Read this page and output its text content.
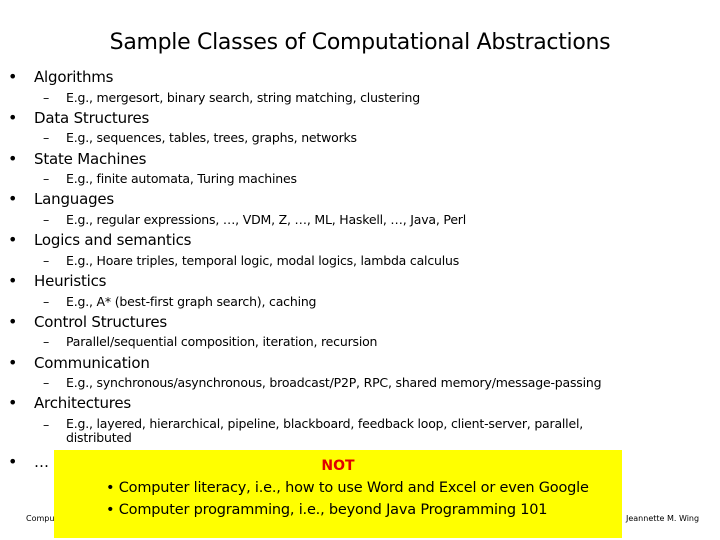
Sample Classes of Computational Abstractions
• Algorithms
– E.g., mergesort, binary search, string matching, clustering
• Data Structures
– E.g., sequences, tables, trees, graphs, networks
• State Machines
– E.g., finite automata, Turing machines
• Languages
– E.g., regular expressions, …, VDM, Z, …, ML, Haskell, …, Java, Perl
• Logics and semantics
– E.g., Hoare triples, temporal logic, modal logics, lambda calculus
• Heuristics
– E.g., A* (best-first graph search), caching
• Control Structures
– Parallel/sequential composition, iteration, recursion
• Communication
– E.g., synchronous/asynchronous, broadcast/P2P, RPC, shared memory/message-passing
• Architectures
– E.g., layered, hierarchical, pipeline, blackboard, feedback loop, client-server, parallel, distributed
• …
Compu	Jeannette M. Wing
NOT
• Computer literacy, i.e., how to use Word and Excel or even Google
• Computer programming, i.e., beyond Java Programming 101
